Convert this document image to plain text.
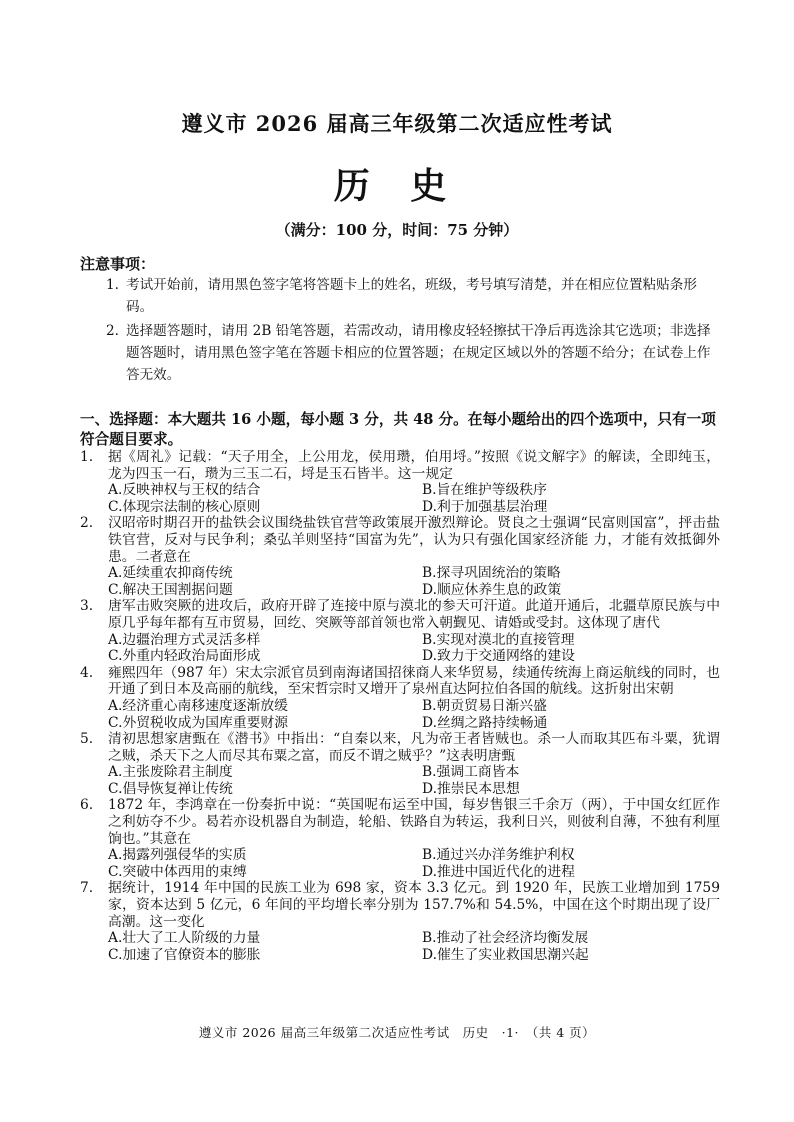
遵义市 2026 届高三年级第二次适应性考试
历 史
（满分：100 分，时间：75 分钟）
注意事项：
1. 考试开始前，请用黑色签字笔将答题卡上的姓名，班级，考号填写清楚，并在相应位置粘贴条形码。
2. 选择题答题时，请用 2B 铅笔答题，若需改动，请用橡皮轻轻擦拭干净后再选涂其它选项；非选择题答题时，请用黑色签字笔在答题卡相应的位置答题；在规定区域以外的答题不给分；在试卷上作答无效。
一、选择题：本大题共 16 小题，每小题 3 分，共 48 分。在每小题给出的四个选项中，只有一项符合题目要求。
1.	据《周礼》记载：“天子用全，上公用龙，侯用瓒，伯用埒。”按照《说文解字》的解读，全即纯玉，龙为四玉一石，瓒为三玉二石，埒是玉石皆半。这一规定
A.反映神权与王权的结合	B.旨在维护等级秩序
C.体现宗法制的核心原则	D.利于加强基层治理
2.	汉昭帝时期召开的盐铁会议围绕盐铁官营等政策展开激烈辩论。贤良之士强调“民富则国富”，抨击盐铁官营，反对与民争利；桑弘羊则坚持“国富为先”，认为只有强化国家经济能 力，才能有效抵御外患。二者意在
A.延续重农抑商传统	B.探寻巩固统治的策略
C.解决王国割据问题	D.顺应休养生息的政策
3.	唐军击败突厥的进攻后，政府开辟了连接中原与漠北的参天可汗道。此道开通后，北疆草原民族与中原几乎每年都有互市贸易，回纥、突厥等部首领也常入朝觐见、请婚或受封。这体现了唐代
A.边疆治理方式灵活多样	B.实现对漠北的直接管理
C.外重内轻政治局面形成	D.致力于交通网络的建设
4.	雍熙四年（987 年）宋太宗派官员到南海诸国招徕商人来华贸易，续通传统海上商运航线的同时，也开通了到日本及高丽的航线，至宋哲宗时又增开了泉州直达阿拉伯各国的航线。这折射出宋朝
A.经济重心南移速度逐渐放缓	B.朝贡贸易日渐兴盛
C.外贸税收成为国库重要财源	D.丝绸之路持续畅通
5.	清初思想家唐甄在《潜书》中指出：“自秦以来，凡为帝王者皆贼也。杀一人而取其匹布斗粟，犹谓之贼，杀天下之人而尽其布粟之富，而反不谓之贼乎？”这表明唐甄
A.主张废除君主制度	B.强调工商皆本
C.倡导恢复禅让传统	D.推崇民本思想
6.	1872 年，李鸿章在一份奏折中说：“英国呢布运至中国，每岁售银三千余万（两），于中国女红匠作之利妨夺不少。曷若亦设机器自为制造，轮船、铁路自为转运，我利日兴，则彼利自薄，不独有利厘饷也。”其意在
A.揭露列强侵华的实质	B.通过兴办洋务维护利权
C.突破中体西用的束缚	D.推进中国近代化的进程
7.	据统计，1914 年中国的民族工业为 698 家，资本 3.3 亿元。到 1920 年，民族工业增加到 1759 家，资本达到 5 亿元，6 年间的平均增长率分别为 157.7%和 54.5%，中国在这个时期出现了设厂高潮。这一变化
A.壮大了工人阶级的力量	B.推动了社会经济均衡发展
C.加速了官僚资本的膨胀	D.催生了实业救国思潮兴起
遵义市 2026 届高三年级第二次适应性考试　历史　·1·　（共 4 页）
